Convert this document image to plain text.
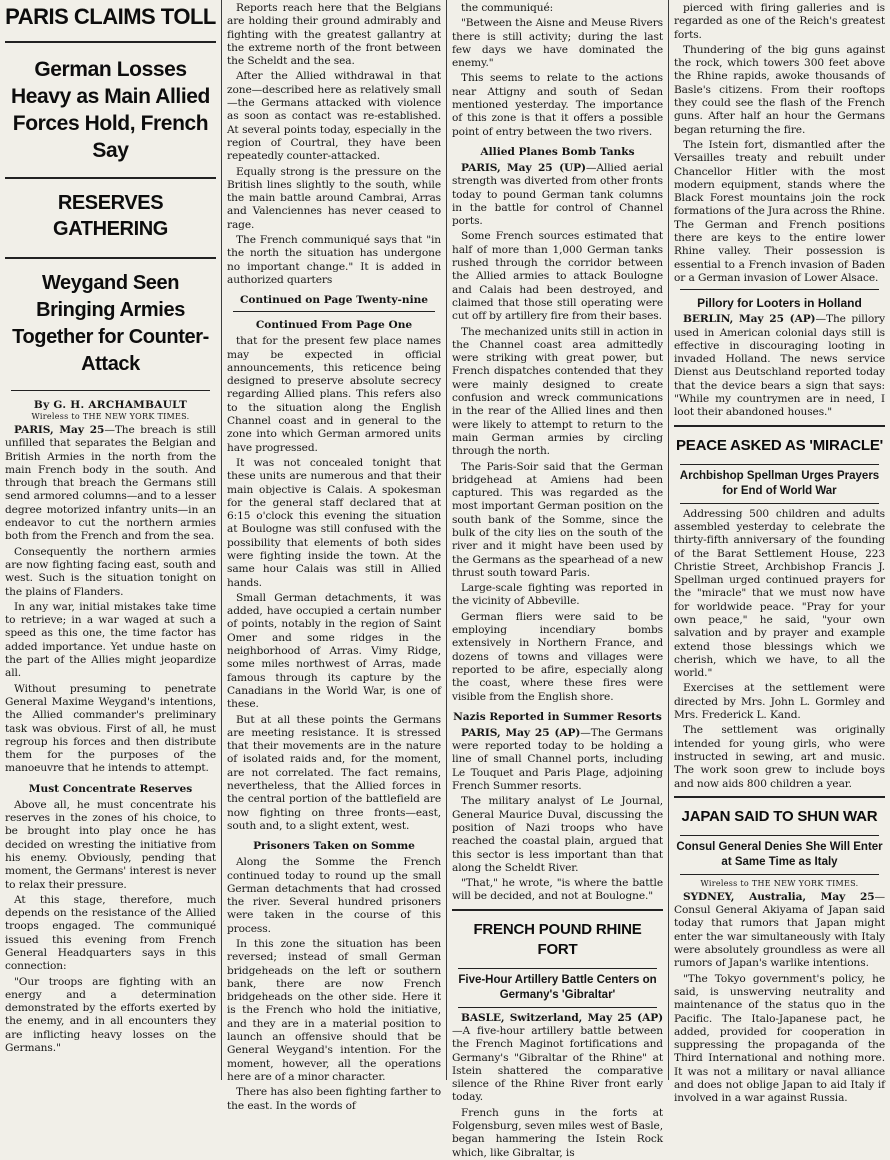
PARIS CLAIMS TOLL
German Losses Heavy as Main Allied Forces Hold, French Say
RESERVES GATHERING
Weygand Seen Bringing Armies Together for Counter-Attack
By G. H. ARCHAMBAULT
Wireless to THE NEW YORK TIMES.

PARIS, May 25—The breach is still unfilled that separates the Belgian and British Armies in the north from the main French body in the south. And through that breach the Germans still send armored columns—and to a lesser degree motorized infantry units—in an endeavor to cut the northern armies both from the French and from the sea.

Consequently the northern armies are now fighting facing east, south and west. Such is the situation tonight on the plains of Flanders.

In any war, initial mistakes take time to retrieve; in a war waged at such a speed as this one, the time factor has added importance. Yet undue haste on the part of the Allies might jeopardize all.

Without presuming to penetrate General Maxime Weygand's intentions, the Allied commander's preliminary task was obvious. First of all, he must regroup his forces and then distribute them for the purposes of the manoeuvre that he intends to attempt.

Must Concentrate Reserves

Above all, he must concentrate his reserves in the zones of his choice, to be brought into play once he has decided on wresting the initiative from his enemy. Obviously, pending that moment, the Germans' interest is never to relax their pressure.

At this stage, therefore, much depends on the resistance of the Allied troops engaged. The communiqué issued this evening from French General Headquarters says in this connection:

"Our troops are fighting with an energy and a determination demonstrated by the efforts exerted by the enemy, and in all encounters they are inflicting heavy losses on the Germans."

Reports reach here that the Belgians are holding their ground admirably and fighting with the greatest gallantry at the extreme north of the front between the Scheldt and the sea.

After the Allied withdrawal in that zone—described here as relatively small—the Germans attacked with violence as soon as contact was re-established. At several points today, especially in the region of Courtral, they have been repeatedly counter-attacked.

Equally strong is the pressure on the British lines slightly to the south, while the main battle around Cambrai, Arras and Valenciennes has never ceased to rage.

The French communiqué says that "in the north the situation has undergone no important change." It is added in authorized quarters

Continued on Page Twenty-nine
Continued From Page One

that for the present few place names may be expected in official announcements, this reticence being designed to preserve absolute secrecy regarding Allied plans. This refers also to the situation along the English Channel coast and in general to the zone into which German armored units have progressed.

It was not concealed tonight that these units are numerous and that their main objective is Calais. A spokesman for the general staff declared that at 6:15 o'clock this evening the situation at Boulogne was still confused with the possibility that elements of both sides were fighting inside the town. At the same hour Calais was still in Allied hands.

Small German detachments, it was added, have occupied a certain number of points, notably in the region of Saint Omer and some ridges in the neighborhood of Arras. Vimy Ridge, some miles northwest of Arras, made famous through its capture by the Canadians in the World War, is one of these.

But at all these points the Germans are meeting resistance. It is stressed that their movements are in the nature of isolated raids and, for the moment, are not correlated. The fact remains, nevertheless, that the Allied forces in the central portion of the battlefield are now fighting on three fronts—east, south and, to a slight extent, west.

Prisoners Taken on Somme

Along the Somme the French continued today to round up the small German detachments that had crossed the river. Several hundred prisoners were taken in the course of this process.

In this zone the situation has been reversed; instead of small German bridgeheads on the left or southern bank, there are now French bridgeheads on the other side. Here it is the French who hold the initiative, and they are in a material position to launch an offensive should that be General Weygand's intention. For the moment, however, all the operations here are of a minor character.

There has also been fighting farther to the east. In the words of

the communiqué:

"Between the Aisne and Meuse Rivers there is still activity; during the last few days we have dominated the enemy."

This seems to relate to the actions near Attigny and south of Sedan mentioned yesterday. The importance of this zone is that it offers a possible point of entry between the two rivers.

Allied Planes Bomb Tanks

PARIS, May 25 (UP)—Allied aerial strength was diverted from other fronts today to pound German tank columns in the battle for control of Channel ports.

Some French sources estimated that half of more than 1,000 German tanks rushed through the corridor between the Allied armies to attack Boulogne and Calais had been destroyed, and claimed that those still operating were cut off by artillery fire from their bases.

The mechanized units still in action in the Channel coast area admittedly were striking with great power, but French dispatches contended that they were mainly designed to create confusion and wreck communications in the rear of the Allied lines and then were likely to attempt to return to the main German armies by circling through the north.

The Paris-Soir said that the German bridgehead at Amiens had been captured. This was regarded as the most important German position on the south bank of the Somme, since the bulk of the city lies on the south of the river and it might have been used by the Germans as the spearhead of a new thrust south toward Paris.

Large-scale fighting was reported in the vicinity of Abbeville.

German fliers were said to be employing incendiary bombs extensively in Northern France, and dozens of towns and villages were reported to be afire, especially along the coast, where these fires were visible from the English shore.

Nazis Reported in Summer Resorts

PARIS, May 25 (AP)—The Germans were reported today to be holding a line of small Channel ports, including Le Touquet and Paris Plage, adjoining French Summer resorts.

The military analyst of Le Journal, General Maurice Duval, discussing the position of Nazi troops who have reached the coastal plain, argued that this sector is less important than that along the Scheldt River.

"That," he wrote, "is where the battle will be decided, and not at Boulogne."

FRENCH POUND RHINE FORT
Five-Hour Artillery Battle Centers on Germany's 'Gibraltar'

BASLE, Switzerland, May 25 (AP)—A five-hour artillery battle between the French Maginot fortifications and Germany's "Gibraltar of the Rhine" at Istein shattered the comparative silence of the Rhine River front early today.

French guns in the forts at Folgensburg, seven miles west of Basle, began hammering the Istein Rock which, like Gibraltar, is

pierced with firing galleries and is regarded as one of the Reich's greatest forts.

Thundering of the big guns against the rock, which towers 300 feet above the Rhine rapids, awoke thousands of Basle's citizens. From their rooftops they could see the flash of the French guns. After half an hour the Germans began returning the fire.

The Istein fort, dismantled after the Versailles treaty and rebuilt under Chancellor Hitler with the most modern equipment, stands where the Black Forest mountains join the rock formations of the Jura across the Rhine. The German and French positions there are keys to the entire lower Rhine valley. Their possession is essential to a French invasion of Baden or a German invasion of Lower Alsace.

Pillory for Looters in Holland

BERLIN, May 25 (AP)—The pillory used in American colonial days still is effective in discouraging looting in invaded Holland. The news service Dienst aus Deutschland reported today that the device bears a sign that says: "While my countrymen are in need, I loot their abandoned houses."

PEACE ASKED AS 'MIRACLE'
Archbishop Spellman Urges Prayers for End of World War

Addressing 500 children and adults assembled yesterday to celebrate the thirty-fifth anniversary of the founding of the Barat Settlement House, 223 Christie Street, Archbishop Francis J. Spellman urged continued prayers for the "miracle" that we must now have for worldwide peace. "Pray for your own peace," he said, "your own salvation and by prayer and example extend those blessings which we cherish, which we have, to all the world."

Exercises at the settlement were directed by Mrs. John L. Gormley and Mrs. Frederick L. Kand.

The settlement was originally intended for young girls, who were instructed in sewing, art and music. The work soon grew to include boys and now aids 800 children a year.

JAPAN SAID TO SHUN WAR
Consul General Denies She Will Enter at Same Time as Italy
Wireless to THE NEW YORK TIMES.

SYDNEY, Australia, May 25—Consul General Akiyama of Japan said today that rumors that Japan might enter the war simultaneously with Italy were absolutely groundless as were all rumors of Japan's warlike intentions.

"The Tokyo government's policy, he said, is unswerving neutrality and maintenance of the status quo in the Pacific. The Italo-Japanese pact, he added, provided for cooperation in suppressing the propaganda of the Third International and nothing more. It was not a military or naval alliance and does not oblige Japan to aid Italy if involved in a war against Russia.
